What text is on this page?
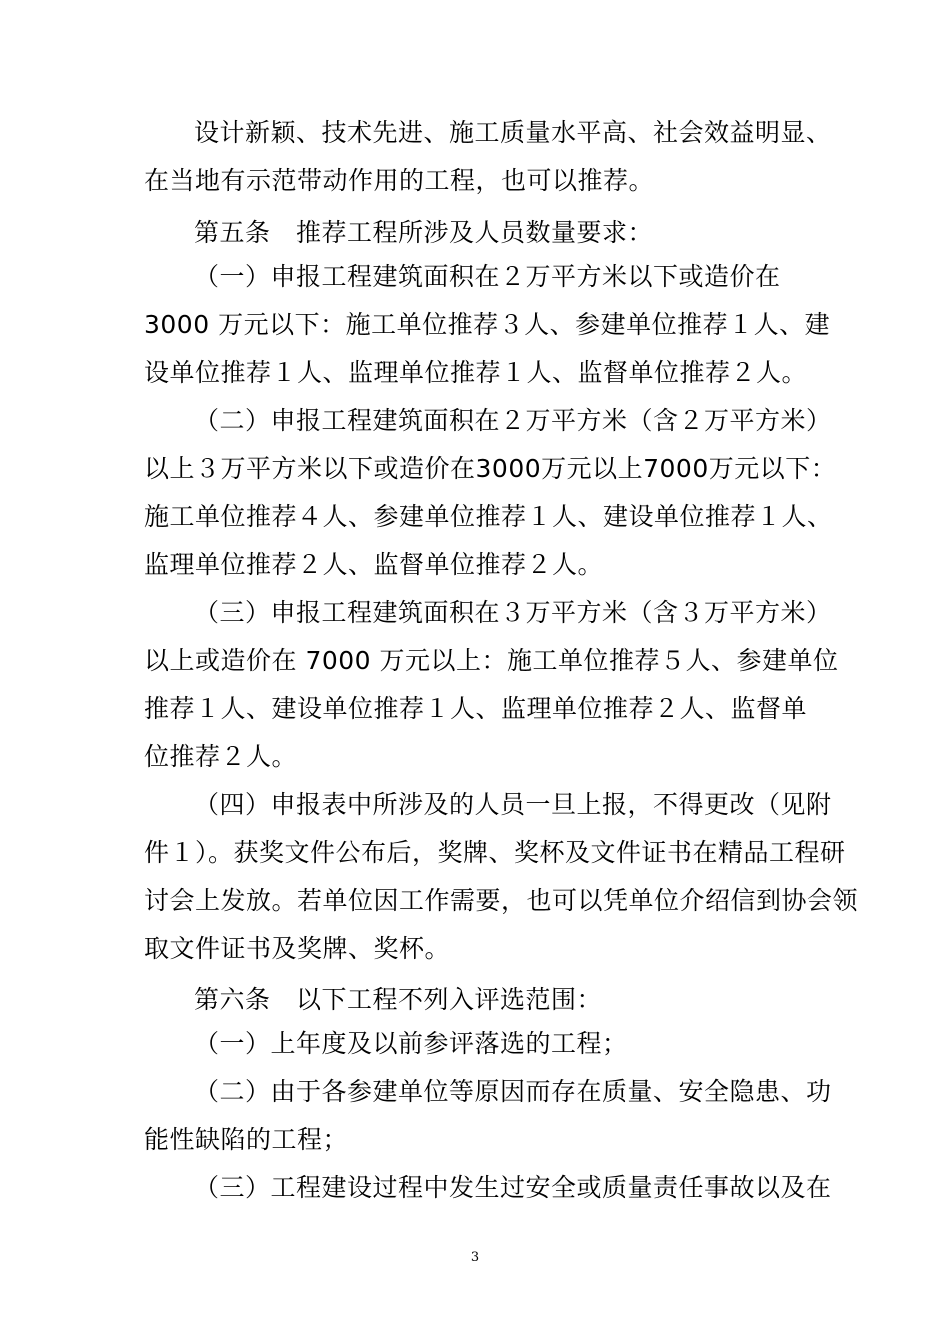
设计新颖、技术先进、施工质量水平高、社会效益明显、

在当地有示范带动作用的工程，也可以推荐。

第五条　推荐工程所涉及人员数量要求：

（一）申报工程建筑面积在２万平方米以下或造价在

3000 万元以下：施工单位推荐３人、参建单位推荐１人、建

设单位推荐１人、监理单位推荐１人、监督单位推荐２人。

（二）申报工程建筑面积在２万平方米（含２万平方米）

以上３万平方米以下或造价在3000万元以上7000万元以下：

施工单位推荐４人、参建单位推荐１人、建设单位推荐１人、

监理单位推荐２人、监督单位推荐２人。

（三）申报工程建筑面积在３万平方米（含３万平方米）

以上或造价在 7000 万元以上：施工单位推荐５人、参建单位

推荐１人、建设单位推荐１人、监理单位推荐２人、监督单

位推荐２人。

（四）申报表中所涉及的人员一旦上报，不得更改（见附

件１）。获奖文件公布后，奖牌、奖杯及文件证书在精品工程研

讨会上发放。若单位因工作需要，也可以凭单位介绍信到协会领

取文件证书及奖牌、奖杯。

第六条　以下工程不列入评选范围：

（一）上年度及以前参评落选的工程；

（二）由于各参建单位等原因而存在质量、安全隐患、功

能性缺陷的工程；

（三）工程建设过程中发生过安全或质量责任事故以及在

3
